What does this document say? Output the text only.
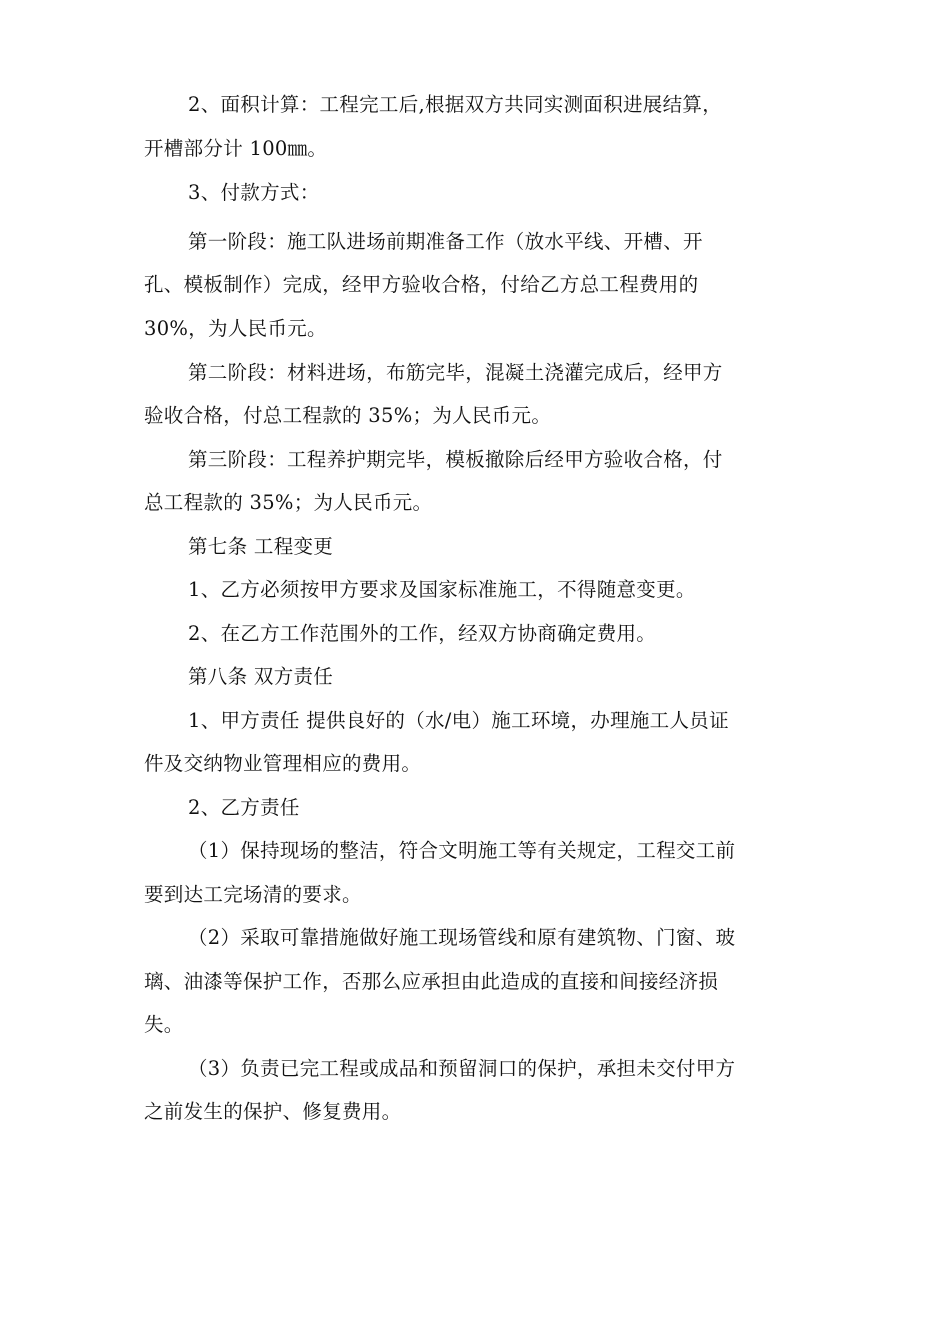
2、面积计算：工程完工后,根据双方共同实测面积进展结算，
开槽部分计 100㎜。
3、付款方式：
第一阶段：施工队进场前期准备工作（放水平线、开槽、开
孔、模板制作）完成，经甲方验收合格，付给乙方总工程费用的
30%，为人民币元。
第二阶段：材料进场，布筋完毕，混凝土浇灌完成后，经甲方
验收合格，付总工程款的 35%；为人民币元。
第三阶段：工程养护期完毕，模板撤除后经甲方验收合格，付
总工程款的 35%；为人民币元。
第七条 工程变更
1、乙方必须按甲方要求及国家标准施工，不得随意变更。
2、在乙方工作范围外的工作，经双方协商确定费用。
第八条 双方责任
1、甲方责任 提供良好的（水/电）施工环境，办理施工人员证
件及交纳物业管理相应的费用。
2、乙方责任
（1）保持现场的整洁，符合文明施工等有关规定，工程交工前
要到达工完场清的要求。
（2）采取可靠措施做好施工现场管线和原有建筑物、门窗、玻
璃、油漆等保护工作，否那么应承担由此造成的直接和间接经济损
失。
（3）负责已完工程或成品和预留洞口的保护，承担未交付甲方
之前发生的保护、修复费用。
